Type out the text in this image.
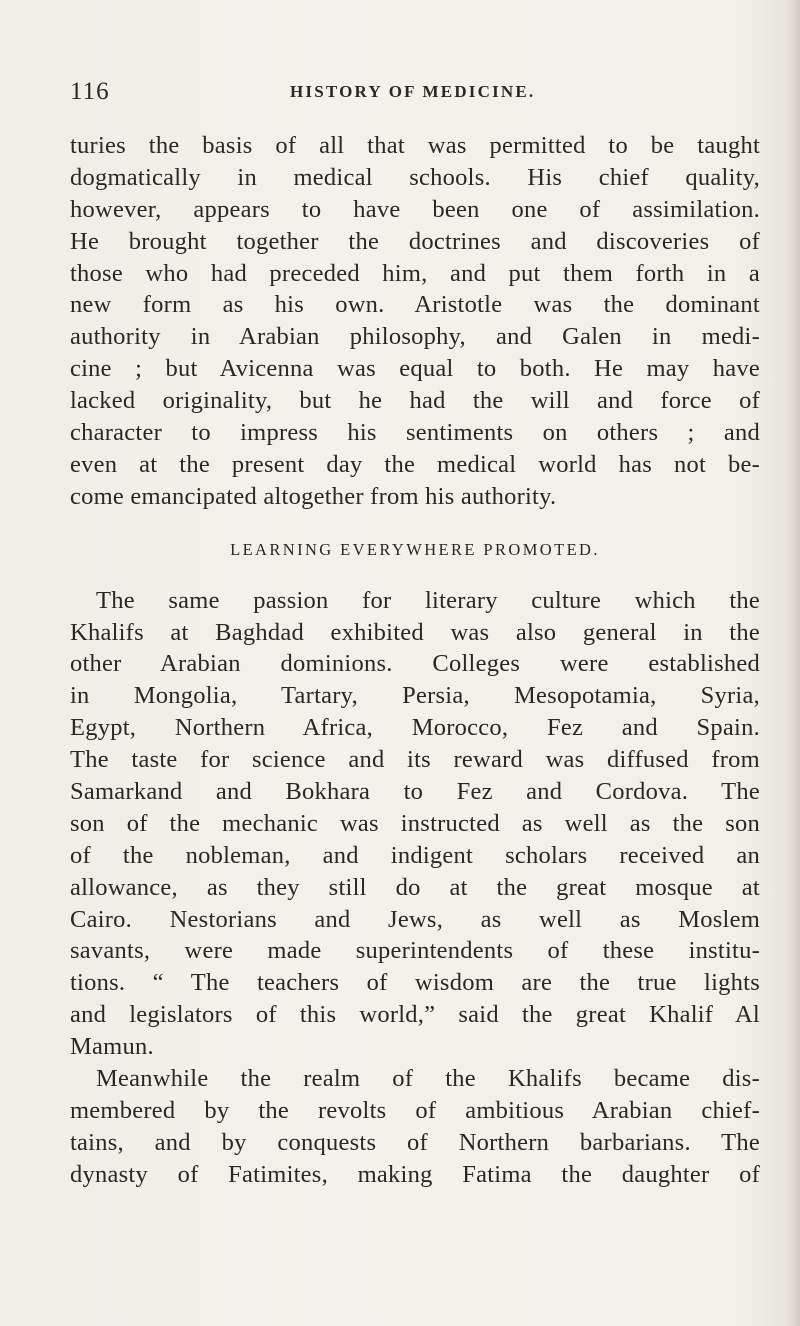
116	HISTORY OF MEDICINE.
turies the basis of all that was permitted to be taught
dogmatically in medical schools. His chief quality,
however, appears to have been one of assimilation.
He brought together the doctrines and discoveries of
those who had preceded him, and put them forth in a
new form as his own. Aristotle was the dominant
authority in Arabian philosophy, and Galen in medi-
cine ; but Avicenna was equal to both. He may have
lacked originality, but he had the will and force of
character to impress his sentiments on others ; and
even at the present day the medical world has not be-
come emancipated altogether from his authority.
LEARNING EVERYWHERE PROMOTED.
The same passion for literary culture which the
Khalifs at Baghdad exhibited was also general in the
other Arabian dominions. Colleges were established
in Mongolia, Tartary, Persia, Mesopotamia, Syria,
Egypt, Northern Africa, Morocco, Fez and Spain.
The taste for science and its reward was diffused from
Samarkand and Bokhara to Fez and Cordova. The
son of the mechanic was instructed as well as the son
of the nobleman, and indigent scholars received an
allowance, as they still do at the great mosque at
Cairo. Nestorians and Jews, as well as Moslem
savants, were made superintendents of these institu-
tions. “ The teachers of wisdom are the true lights
and legislators of this world,” said the great Khalif Al
Mamun.
Meanwhile the realm of the Khalifs became dis-
membered by the revolts of ambitious Arabian chief-
tains, and by conquests of Northern barbarians. The
dynasty of Fatimites, making Fatima the daughter of
